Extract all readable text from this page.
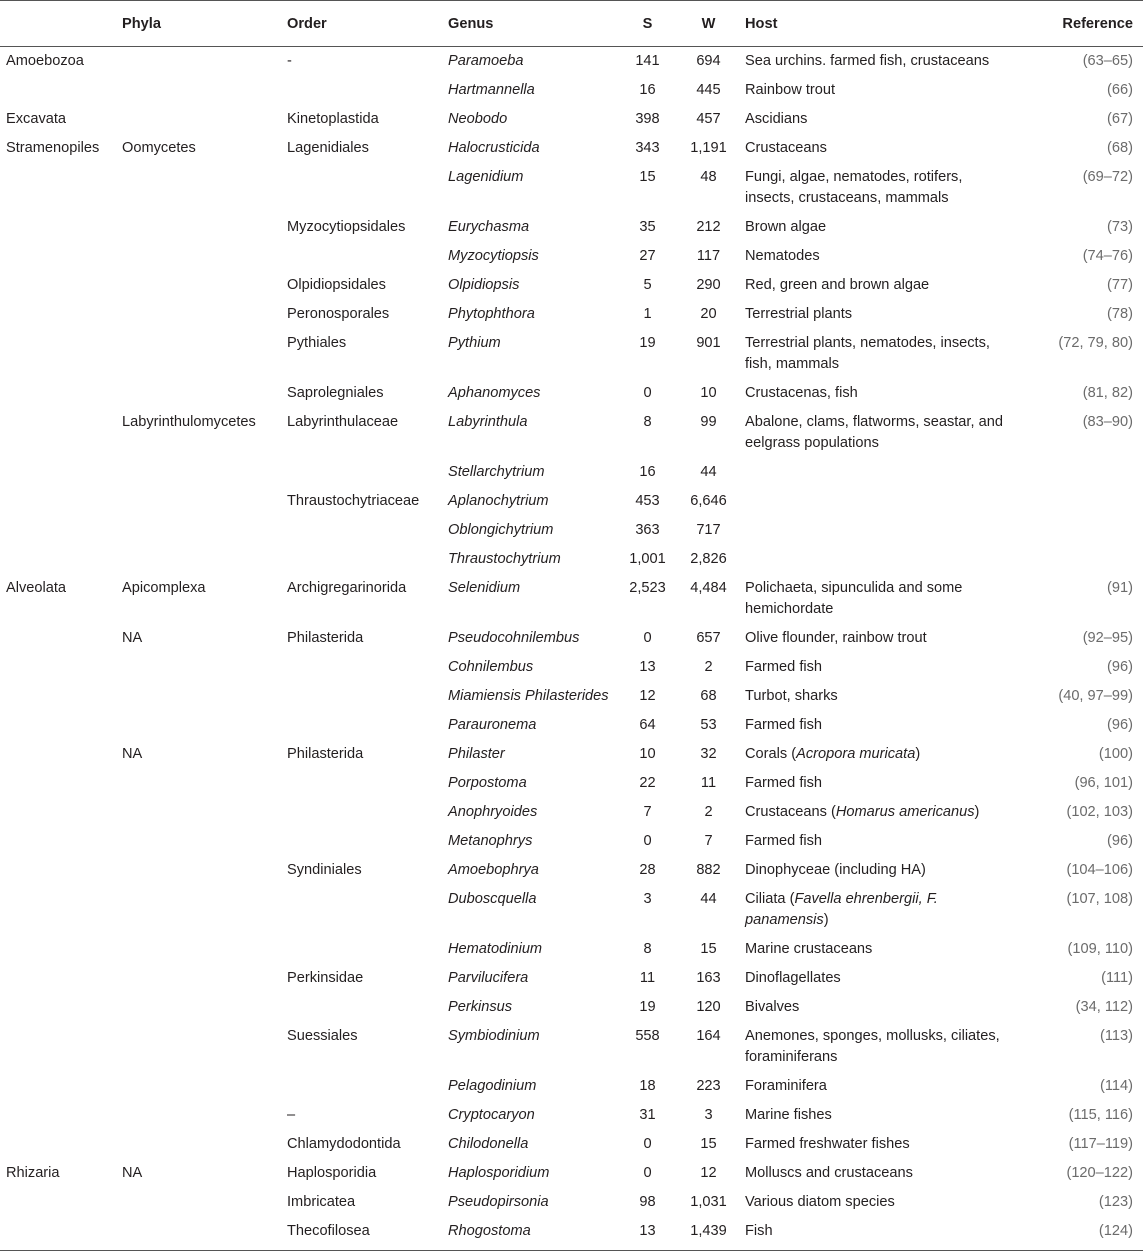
	Phyla	Order	Genus	S	W	Host	Reference
Amoebozoa		-	Paramoeba	141	694	Sea urchins. farmed fish, crustaceans	(63–65)
			Hartmannella	16	445	Rainbow trout	(66)
Excavata		Kinetoplastida	Neobodo	398	457	Ascidians	(67)
Stramenopiles	Oomycetes	Lagenidiales	Halocrusticida	343	1,191	Crustaceans	(68)
			Lagenidium	15	48	Fungi, algae, nematodes, rotifers, insects, crustaceans, mammals	(69–72)
		Myzocytiopsidales	Eurychasma	35	212	Brown algae	(73)
			Myzocytiopsis	27	117	Nematodes	(74–76)
		Olpidiopsidales	Olpidiopsis	5	290	Red, green and brown algae	(77)
		Peronosporales	Phytophthora	1	20	Terrestrial plants	(78)
		Pythiales	Pythium	19	901	Terrestrial plants, nematodes, insects, fish, mammals	(72, 79, 80)
		Saprolegniales	Aphanomyces	0	10	Crustacenas, fish	(81, 82)
	Labyrinthulomycetes	Labyrinthulaceae	Labyrinthula	8	99	Abalone, clams, flatworms, seastar, and eelgrass populations	(83–90)
			Stellarchytrium	16	44		
		Thraustochytriaceae	Aplanochytrium	453	6,646		
			Oblongichytrium	363	717		
			Thraustochytrium	1,001	2,826		
Alveolata	Apicomplexa	Archigregarinorida	Selenidium	2,523	4,484	Polichaeta, sipunculida and some hemichordate	(91)
	NA	Philasterida	Pseudocohnilembus	0	657	Olive flounder, rainbow trout	(92–95)
			Cohnilembus	13	2	Farmed fish	(96)
			Miamiensis Philasterides	12	68	Turbot, sharks	(40, 97–99)
			Parauronema	64	53	Farmed fish	(96)
	NA	Philasterida	Philaster	10	32	Corals (Acropora muricata)	(100)
			Porpostoma	22	11	Farmed fish	(96, 101)
			Anophryoides	7	2	Crustaceans (Homarus americanus)	(102, 103)
			Metanophrys	0	7	Farmed fish	(96)
		Syndiniales	Amoebophrya	28	882	Dinophyceae (including HA)	(104–106)
			Duboscquella	3	44	Ciliata (Favella ehrenbergii, F. panamensis)	(107, 108)
			Hematodinium	8	15	Marine crustaceans	(109, 110)
		Perkinsidae	Parvilucifera	11	163	Dinoflagellates	(111)
			Perkinsus	19	120	Bivalves	(34, 112)
		Suessiales	Symbiodinium	558	164	Anemones, sponges, mollusks, ciliates, foraminiferans	(113)
			Pelagodinium	18	223	Foraminifera	(114)
		–	Cryptocaryon	31	3	Marine fishes	(115, 116)
		Chlamydodontida	Chilodonella	0	15	Farmed freshwater fishes	(117–119)
Rhizaria	NA	Haplosporidia	Haplosporidium	0	12	Molluscs and crustaceans	(120–122)
		Imbricatea	Pseudopirsonia	98	1,031	Various diatom species	(123)
		Thecofilosea	Rhogostoma	13	1,439	Fish	(124)
